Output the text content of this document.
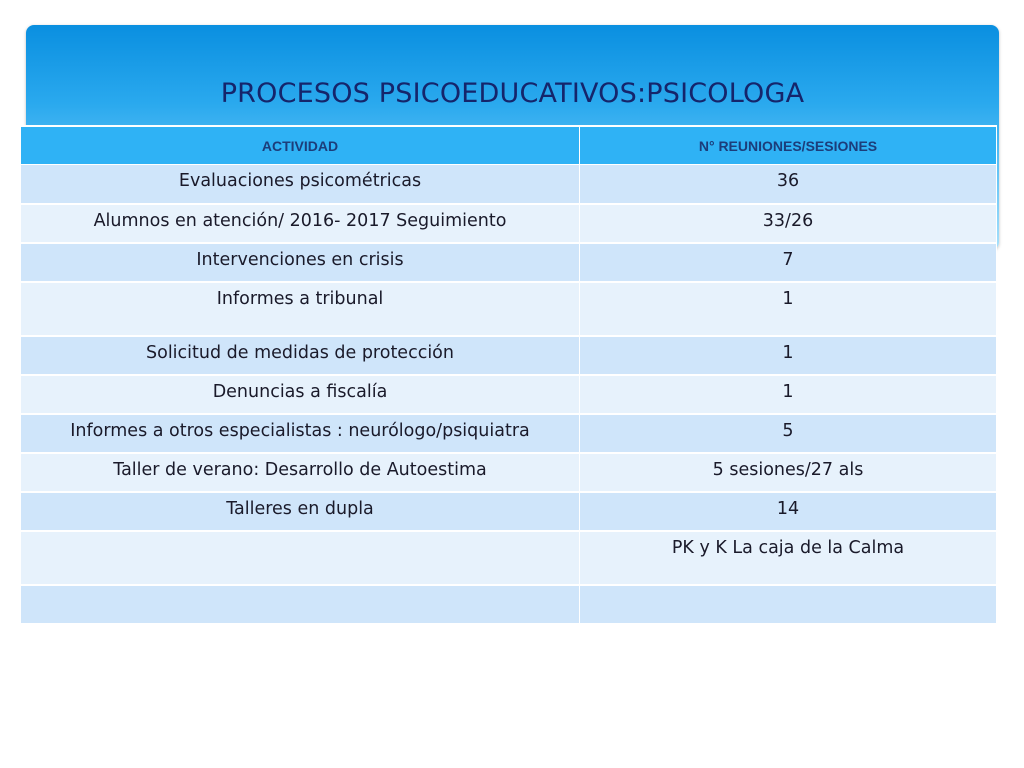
PROCESOS PSICOEDUCATIVOS:PSICOLOGA
ACTIVIDAD	N° REUNIONES/SESIONES
Evaluaciones psicométricas	36
Alumnos en atención/ 2016- 2017 Seguimiento	33/26
Intervenciones en crisis	7
Informes a tribunal	1
Solicitud de medidas de protección	1
Denuncias a fiscalía	1
Informes a otros especialistas : neurólogo/psiquiatra	5
Taller de verano: Desarrollo de Autoestima	5 sesiones/27 als
Talleres en dupla	14
	PK y K La caja de la Calma
